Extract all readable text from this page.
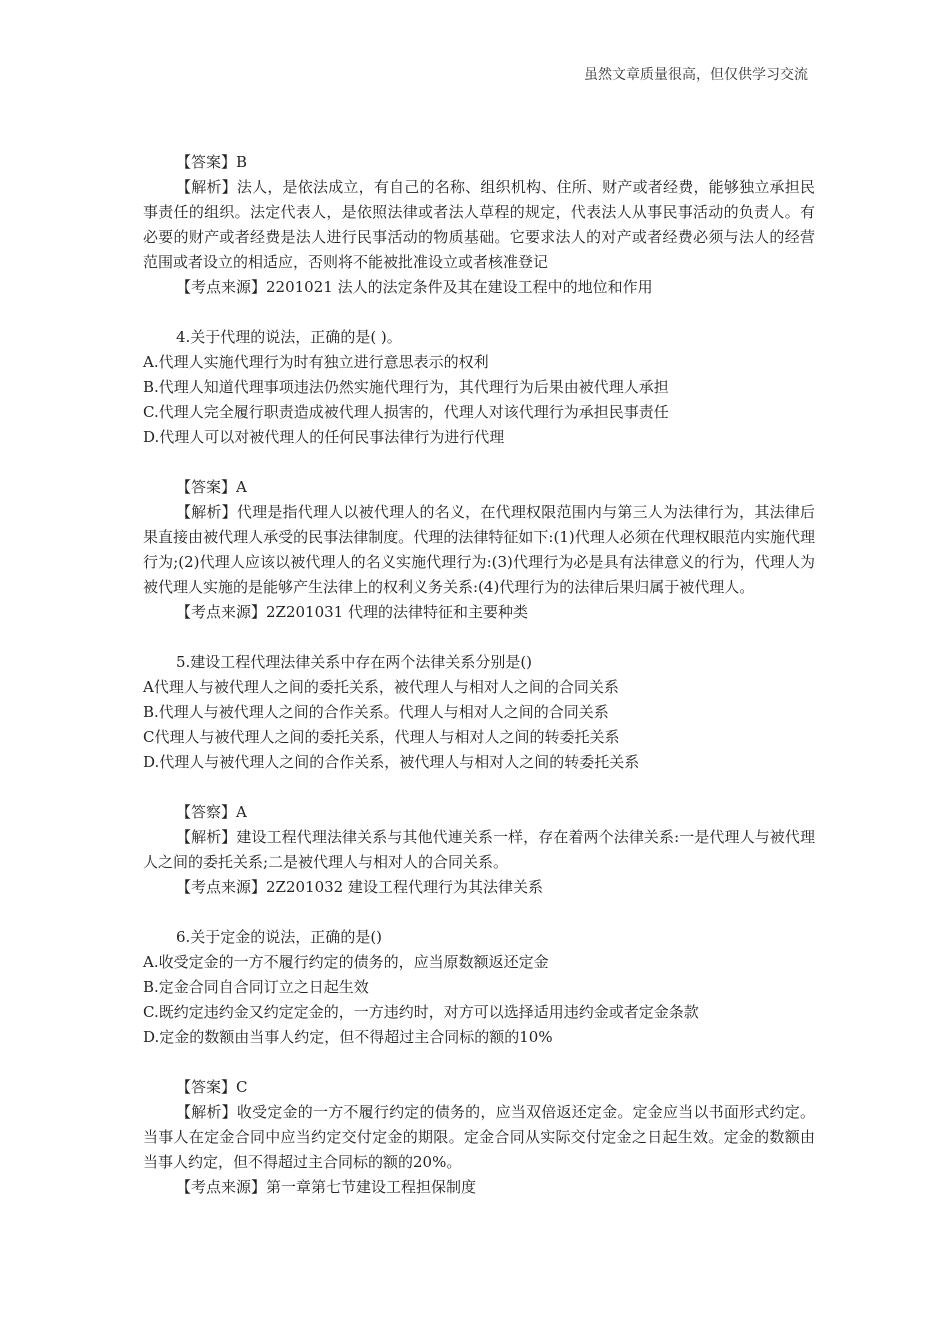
虽然文章质量很高，但仅供学习交流
【答案】B
【解析】法人，是依法成立，有自己的名称、组织机构、住所、财产或者经费，能够独立承担民事责任的组织。法定代表人，是依照法律或者法人草程的规定，代表法人从事民事活动的负责人。有必要的财产或者经费是法人进行民事活动的物质基础。它要求法人的对产或者经费必须与法人的经营范围或者设立的相适应，否则将不能被批准设立或者核准登记
【考点来源】2201021 法人的法定条件及其在建设工程中的地位和作用
4.关于代理的说法，正确的是( )。
A.代理人实施代理行为时有独立进行意思表示的权利
B.代理人知道代理事项违法仍然实施代理行为，其代理行为后果由被代理人承担
C.代理人完全履行职责造成被代理人损害的，代理人对该代理行为承担民事责任
D.代理人可以对被代理人的任何民事法律行为进行代理
【答案】A
【解析】代理是指代理人以被代理人的名义，在代理权限范围内与第三人为法律行为，其法律后果直接由被代理人承受的民事法律制度。代理的法律特征如下:(1)代理人必须在代理权眼范内实施代理行为;(2)代理人应该以被代理人的名义实施代理行为:(3)代理行为必是具有法律意义的行为，代理人为被代理人实施的是能够产生法律上的权利义务关系:(4)代理行为的法律后果归属于被代理人。
【考点来源】2Z201031 代理的法律特征和主要种类
5.建设工程代理法律关系中存在两个法律关系分别是()
A代理人与被代理人之间的委托关系，被代理人与相对人之间的合同关系
B.代理人与被代理人之间的合作关系。代理人与相对人之间的合同关系
C代理人与被代理人之间的委托关系，代理人与相对人之间的转委托关系
D.代理人与被代理人之间的合作关系，被代理人与相对人之间的转委托关系
【答察】A
【解析】建设工程代理法律关系与其他代連关系一样，存在着两个法律关系:一是代理人与被代理人之间的委托关系;二是被代理人与相对人的合同关系。
【考点来源】2Z201032 建设工程代理行为其法律关系
6.关于定金的说法，正确的是()
A.收受定金的一方不履行约定的债务的，应当原数额返还定金
B.定金合同自合同订立之日起生效
C.既约定违约金又约定定金的，一方违约时，对方可以选择适用违约金或者定金条款
D.定金的数额由当事人约定，但不得超过主合同标的额的10%
【答案】C
【解析】收受定金的一方不履行约定的债务的，应当双倍返还定金。定金应当以书面形式约定。当事人在定金合同中应当约定交付定金的期限。定金合同从实际交付定金之日起生效。定金的数额由当事人约定，但不得超过主合同标的额的20%。
【考点来源】第一章第七节建设工程担保制度
